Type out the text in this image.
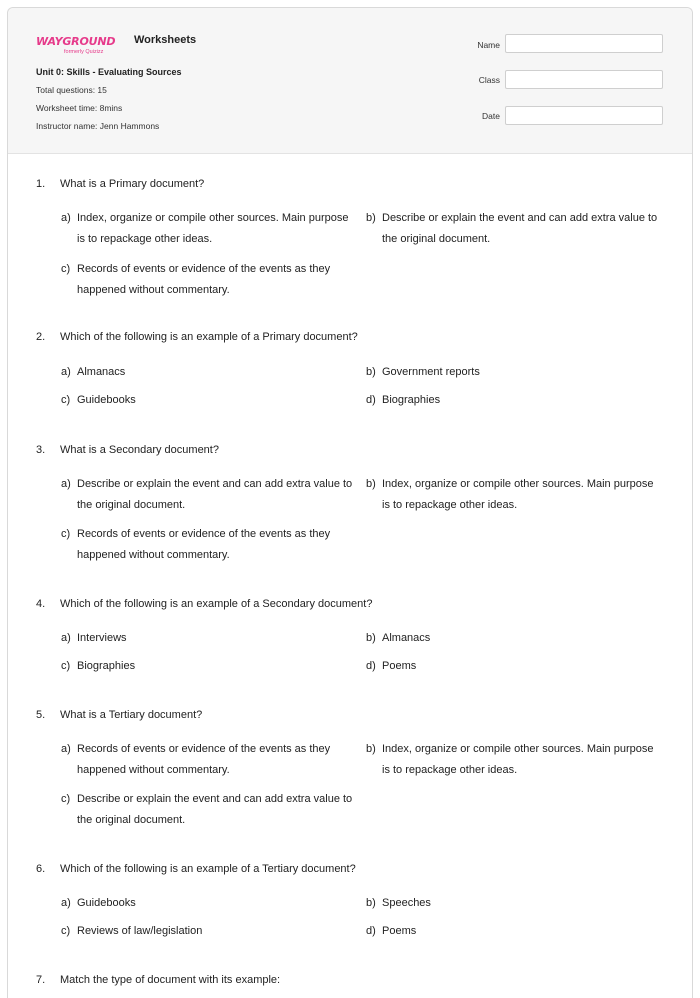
WAYGROUND
formerly Quizizz
Worksheets
Unit 0: Skills - Evaluating Sources
Total questions: 15
Worksheet time: 8mins
Instructor name: Jenn Hammons
Name
Class
Date
1.	What is a Primary document?
a) Index, organize or compile other sources. Main purpose is to repackage other ideas.
b) Describe or explain the event and can add extra value to the original document.
c) Records of events or evidence of the events as they happened without commentary.
2.	Which of the following is an example of a Primary document?
a) Almanacs	b) Government reports
c) Guidebooks	d) Biographies
3.	What is a Secondary document?
a) Describe or explain the event and can add extra value to the original document.
b) Index, organize or compile other sources. Main purpose is to repackage other ideas.
c) Records of events or evidence of the events as they happened without commentary.
4.	Which of the following is an example of a Secondary document?
a) Interviews	b) Almanacs
c) Biographies	d) Poems
5.	What is a Tertiary document?
a) Records of events or evidence of the events as they happened without commentary.
b) Index, organize or compile other sources. Main purpose is to repackage other ideas.
c) Describe or explain the event and can add extra value to the original document.
6.	Which of the following is an example of a Tertiary document?
a) Guidebooks	b) Speeches
c) Reviews of law/legislation	d) Poems
7.	Match the type of document with its example:
